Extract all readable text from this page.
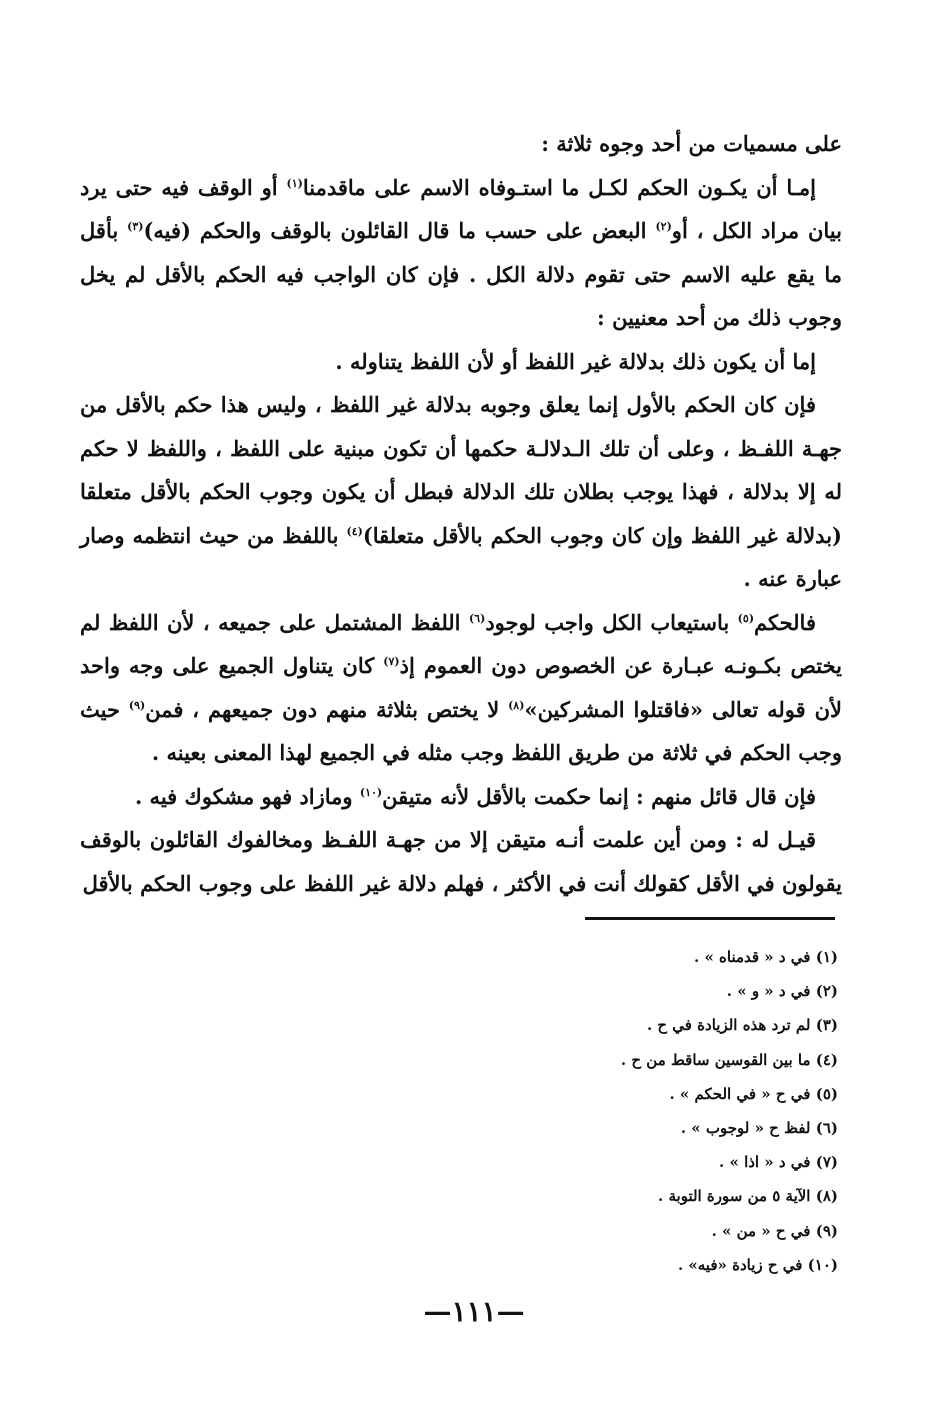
على مسميات من أحد وجوه ثلاثة :

إمـا أن يكـون الحكم لكـل ما استـوفاه الاسم على ماقدمنا$^{(١)}$ أو الوقف فيه حتى يرد بيان مراد الكل ، أو$^{(٢)}$ البعض على حسب ما قال القائلون بالوقف والحكم (فيه)$^{(٣)}$ بأقل ما يقع عليه الاسم حتى تقوم دلالة الكل . فإن كان الواجب فيه الحكم بالأقل لم يخل وجوب ذلك من أحد معنيين :

إما أن يكون ذلك بدلالة غير اللفظ أو لأن اللفظ يتناوله .

فإن كان الحكم بالأول إنما يعلق وجوبه بدلالة غير اللفظ ، وليس هذا حكم بالأقل من جهـة اللفـظ ، وعلى أن تلك الـدلالـة حكمها أن تكون مبنية على اللفظ ، واللفظ لا حكم له إلا بدلالة ، فهذا يوجب بطلان تلك الدلالة فبطل أن يكون وجوب الحكم بالأقل متعلقا (بدلالة غير اللفظ وإن كان وجوب الحكم بالأقل متعلقا)$^{(٤)}$ باللفظ من حيث انتظمه وصار عبارة عنه .

فالحكم$^{(٥)}$ باستيعاب الكل واجب لوجود$^{(٦)}$ اللفظ المشتمل على جميعه ، لأن اللفظ لم يختص بكـونـه عبـارة عن الخصوص دون العموم إذ$^{(٧)}$ كان يتناول الجميع على وجه واحد لأن قوله تعالى «فاقتلوا المشركين»$^{(٨)}$ لا يختص بثلاثة منهم دون جميعهم ، فمن$^{(٩)}$ حيث وجب الحكم في ثلاثة من طريق اللفظ وجب مثله في الجميع لهذا المعنى بعينه .

فإن قال قائل منهم : إنما حكمت بالأقل لأنه متيقن$^{(١٠)}$ ومازاد فهو مشكوك فيه .

قيـل له : ومن أين علمت أنـه متيقن إلا من جهـة اللفـظ ومخالفوك القائلون بالوقف يقولون في الأقل كقولك أنت في الأكثر ، فهلم دلالة غير اللفظ على وجوب الحكم بالأقل

(١) في د « قدمناه » .
(٢) في د « و » .
(٣) لم ترد هذه الزيادة في ح .
(٤) ما بين القوسين ساقط من ح .
(٥) في ح « في الحكم » .
(٦) لفظ ح « لوجوب » .
(٧) في د « اذا » .
(٨) الآية ٥ من سورة التوبة .
(٩) في ح « من » .
(١٠) في ح زيادة «فيه» .
—١١١—
